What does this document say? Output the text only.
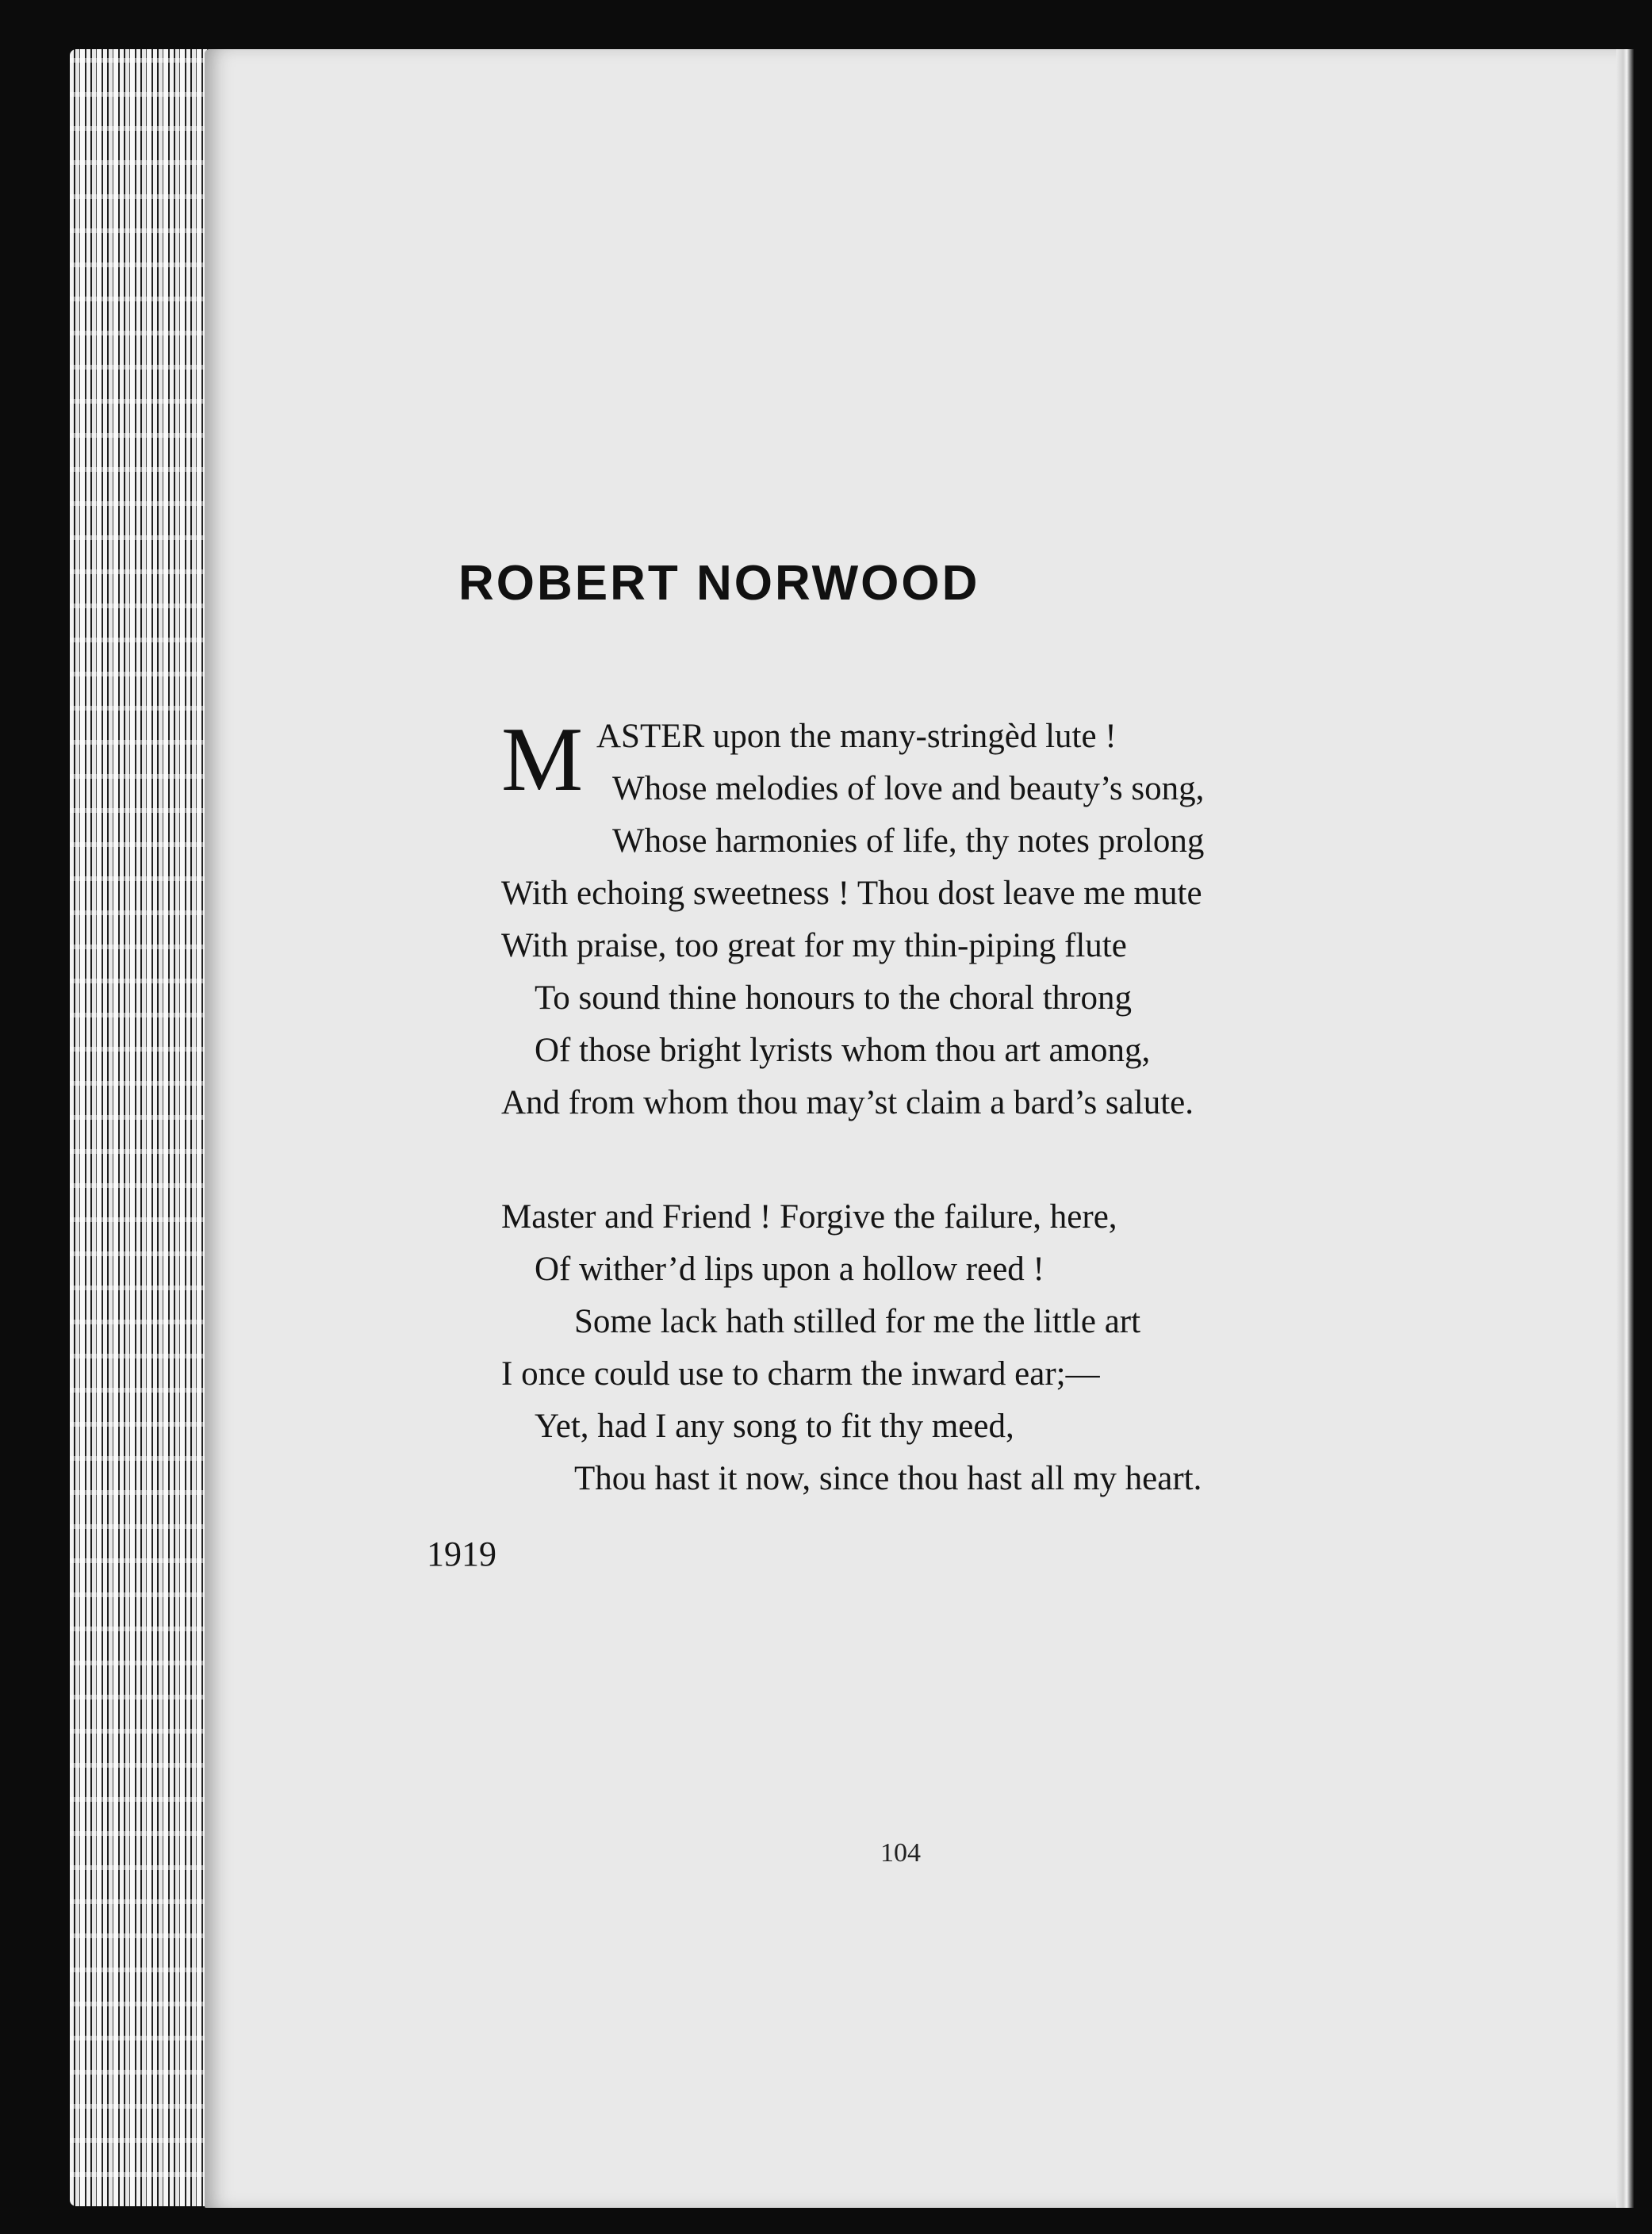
ROBERT NORWOOD
M ASTER upon the many-stringèd lute !
Whose melodies of love and beauty’s song,
Whose harmonies of life, thy notes prolong
With echoing sweetness ! Thou dost leave me mute
With praise, too great for my thin-piping flute
To sound thine honours to the choral throng
Of those bright lyrists whom thou art among,
And from whom thou may’st claim a bard’s salute.
Master and Friend ! Forgive the failure, here,
Of wither’d lips upon a hollow reed !
Some lack hath stilled for me the little art
I once could use to charm the inward ear;—
Yet, had I any song to fit thy meed,
Thou hast it now, since thou hast all my heart.
1919
104
